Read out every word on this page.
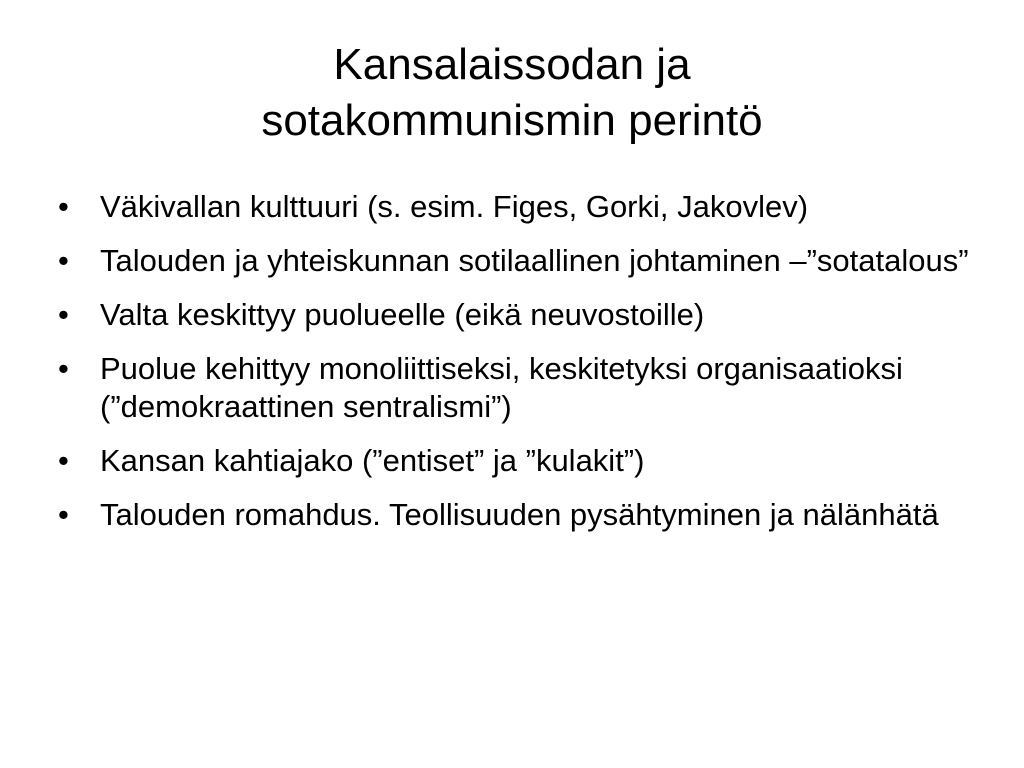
Kansalaissodan ja
sotakommunismin perintö
•	Väkivallan kulttuuri (s. esim. Figes, Gorki, Jakovlev)
•	Talouden ja yhteiskunnan sotilaallinen johtaminen –”sotatalous”
•	Valta keskittyy puolueelle (eikä neuvostoille)
•	Puolue kehittyy monoliittiseksi, keskitetyksi organisaatioksi (”demokraattinen sentralismi”)
•	Kansan kahtiajako (”entiset” ja ”kulakit”)
•	Talouden romahdus. Teollisuuden pysähtyminen ja nälänhätä
